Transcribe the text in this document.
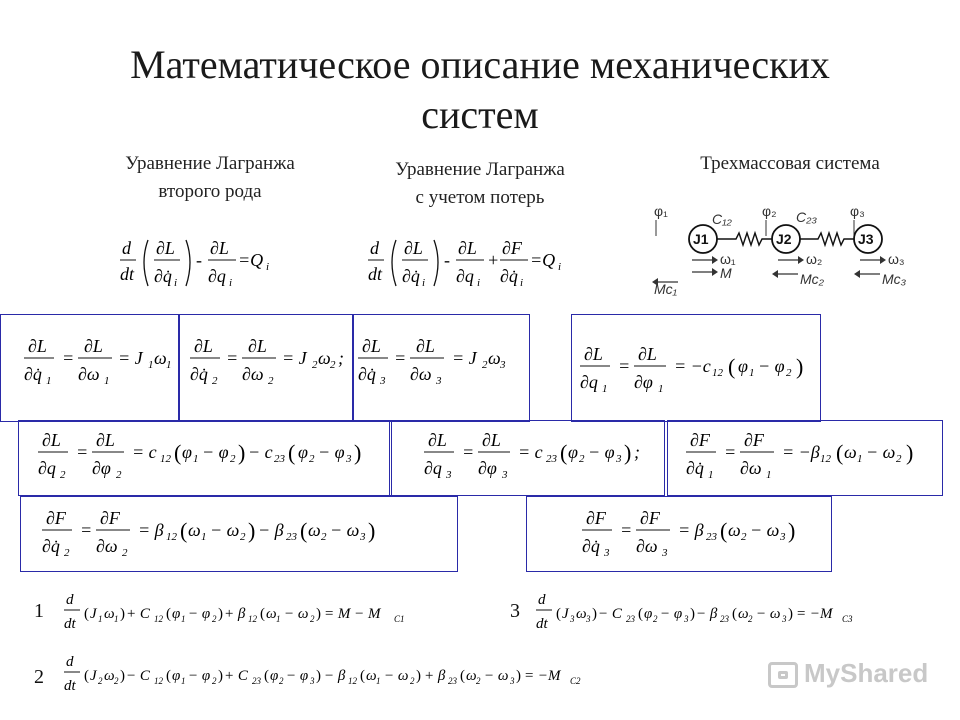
Математическое описание механических
систем
Уравнение Лагранжа
второго рода
Уравнение Лагранжа
с учетом потерь
Трехмассовая система
d
dt
∂L
∂q̇ i
-
∂L
∂q i
=Q i
d
dt
∂L
∂q̇ i
-
∂L
∂q i
+
∂F
∂q̇ i
=Q i
φ₁	C₁₂ φ₂ C₂₃ φ₃
J1	J2	J3
ω₁
M
Mc₁
ω₂
Mc₂
ω₃
Mc₃
∂L
∂q̇ 1
=
∂L
∂ω 1
= J 1 ω 1
∂L
∂q̇ 2
=
∂L
∂ω 2
= J 2 ω 2 ;
∂L
∂q̇ 3
=
∂L
∂ω 3
= J 2 ω 3
∂L
∂q 1
=
∂L
∂φ 1
= −c 12 ( φ 1 − φ 2 )
∂L
∂q 2
=
∂L
∂φ 2
= c 12 ( φ 1 − φ 2 ) − c 23 ( φ 2 − φ 3 )	∂L
∂q 3
=
∂L
∂φ 3
= c 23 ( φ 2 − φ 3 ) ;
∂F
∂q̇ 1
=
∂F
∂ω 1
= −β 12 ( ω 1 − ω 2 )
∂F
∂q̇ 2
=
∂F
∂ω 2
= β 12 ( ω 1 − ω 2 ) − β 23 ( ω 2 − ω 3 )	∂F
∂q̇ 3
=
∂F
∂ω 3
= β 23 ( ω 2 − ω 3 )
1 d
dt
( J 1 ω 1 ) + C 12 ( φ 1 − φ 2 ) + β 12 ( ω 1 − ω 2 ) = M − M C1	3 d
dt
( J 3 ω 3 ) − C 23 ( φ 2 − φ 3 ) − β 23 ( ω 2 − ω 3 ) = −M C3
2
d
dt
( J 2 ω 2 ) − C 12 ( φ 1 − φ 2 ) + C 23 ( φ 2 − φ 3 ) − β 12 ( ω 1 − ω 2 ) + β 23 ( ω 2 − ω 3 ) = −M C2	MyShared
